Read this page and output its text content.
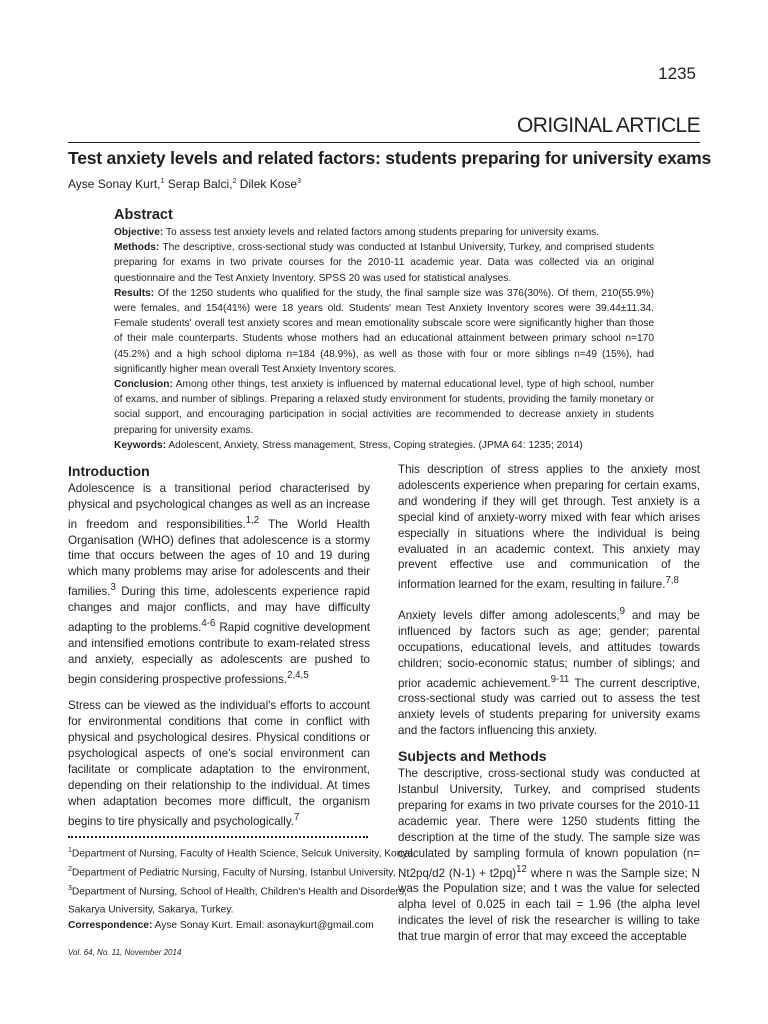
1235
ORIGINAL ARTICLE
Test anxiety levels and related factors: students preparing for university exams
Ayse Sonay Kurt,$^1$ Serap Balci,$^2$ Dilek Kose$^3$
Abstract

Objective: To assess test anxiety levels and related factors among students preparing for university exams.

Methods: The descriptive, cross-sectional study was conducted at Istanbul University, Turkey, and comprised students preparing for exams in two private courses for the 2010-11 academic year. Data was collected via an original questionnaire and the Test Anxiety Inventory. SPSS 20 was used for statistical analyses.

Results: Of the 1250 students who qualified for the study, the final sample size was 376(30%). Of them, 210(55.9%) were females, and 154(41%) were 18 years old. Students' mean Test Anxiety Inventory scores were 39.44±11.34. Female students' overall test anxiety scores and mean emotionality subscale score were significantly higher than those of their male counterparts. Students whose mothers had an educational attainment between primary school n=170 (45.2%) and a high school diploma n=184 (48.9%), as well as those with four or more siblings n=49 (15%), had significantly higher mean overall Test Anxiety Inventory scores.

Conclusion: Among other things, test anxiety is influenced by maternal educational level, type of high school, number of exams, and number of siblings. Preparing a relaxed study environment for students, providing the family monetary or social support, and encouraging participation in social activities are recommended to decrease anxiety in students preparing for university exams.

Keywords: Adolescent, Anxiety, Stress management, Stress, Coping strategies. (JPMA 64: 1235; 2014)

Introduction

Adolescence is a transitional period characterised by physical and psychological changes as well as an increase in freedom and responsibilities.$^{1,2}$ The World Health Organisation (WHO) defines that adolescence is a stormy time that occurs between the ages of 10 and 19 during which many problems may arise for adolescents and their families.$^3$ During this time, adolescents experience rapid changes and major conflicts, and may have difficulty adapting to the problems.$^{4-6}$ Rapid cognitive development and intensified emotions contribute to exam-related stress and anxiety, especially as adolescents are pushed to begin considering prospective professions.$^{2,4,5}$

Stress can be viewed as the individual's efforts to account for environmental conditions that come in conflict with physical and psychological desires. Physical conditions or psychological aspects of one's social environment can facilitate or complicate adaptation to the environment, depending on their relationship to the individual. At times when adaptation becomes more difficult, the organism begins to tire physically and psychologically.$^7$

This description of stress applies to the anxiety most adolescents experience when preparing for certain exams, and wondering if they will get through. Test anxiety is a special kind of anxiety-worry mixed with fear which arises especially in situations where the individual is being evaluated in an academic context. This anxiety may prevent effective use and communication of the information learned for the exam, resulting in failure.$^{7,8}$

Anxiety levels differ among adolescents,$^9$ and may be influenced by factors such as age; gender; parental occupations, educational levels, and attitudes towards children; socio-economic status; number of siblings; and prior academic achievement.$^{9-11}$ The current descriptive, cross-sectional study was carried out to assess the test anxiety levels of students preparing for university exams and the factors influencing this anxiety.

Subjects and Methods

The descriptive, cross-sectional study was conducted at Istanbul University, Turkey, and comprised students preparing for exams in two private courses for the 2010-11 academic year. There were 1250 students fitting the description at the time of the study. The sample size was calculated by sampling formula of known population (n= Nt2pq/d2 (N-1) + t2pq)$^{12}$ where n was the Sample size; N was the Population size; and t was the value for selected alpha level of 0.025 in each tail = 1.96 (the alpha level indicates the level of risk the researcher is willing to take that true margin of error that may exceed the acceptable

$^1$Department of Nursing, Faculty of Health Science, Selcuk University, Konya,
$^2$Department of Pediatric Nursing, Faculty of Nursing, Istanbul University,
$^3$Department of Nursing, School of Health, Children's Health and Disorders,
Sakarya University, Sakarya, Turkey.
Correspondence: Ayse Sonay Kurt. Email: asonaykurt@gmail.com
Vol. 64, No. 11, November 2014
